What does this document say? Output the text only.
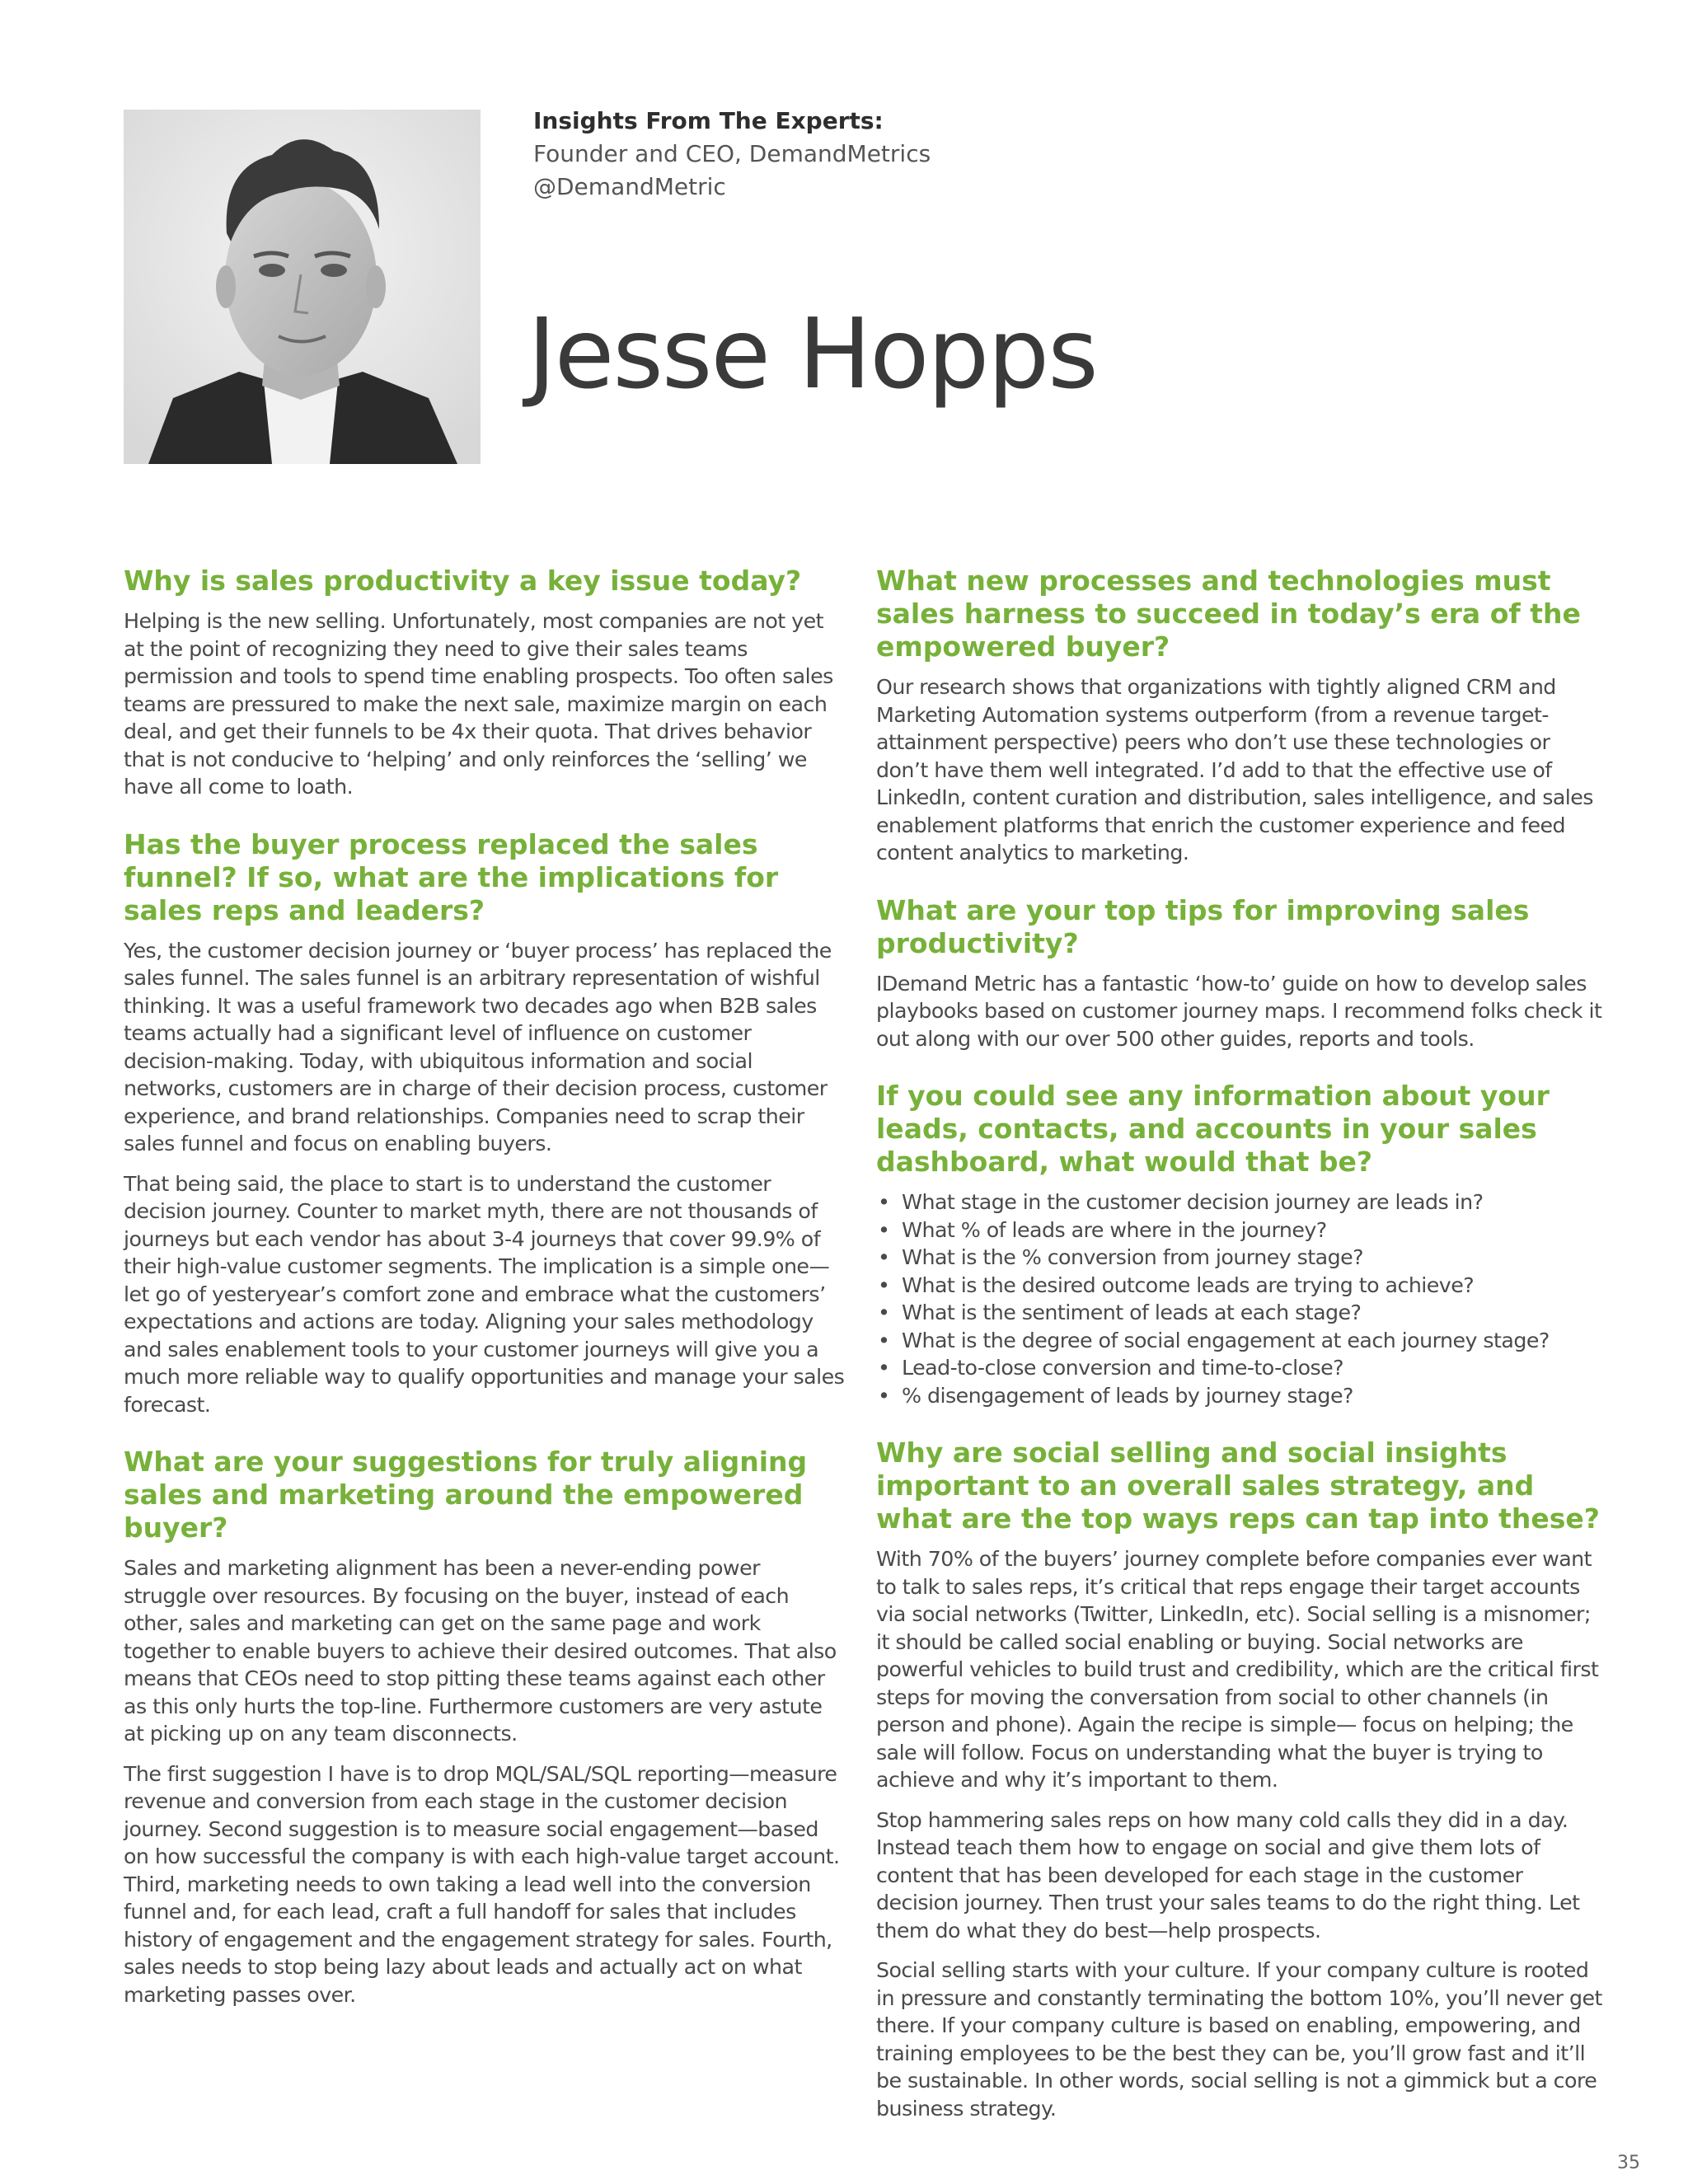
Insights From The Experts:
Founder and CEO, DemandMetrics
@DemandMetric
Jesse Hopps
Why is sales productivity a key issue today?

Helping is the new selling. Unfortunately, most companies are not yet at the point of recognizing they need to give their sales teams permission and tools to spend time enabling prospects. Too often sales teams are pressured to make the next sale, maximize margin on each deal, and get their funnels to be 4x their quota. That drives behavior that is not conducive to ‘helping’ and only reinforces the ‘selling’ we have all come to loath.

Has the buyer process replaced the sales funnel? If so, what are the implications for sales reps and leaders?

Yes, the customer decision journey or ‘buyer process’ has replaced the sales funnel. The sales funnel is an arbitrary representation of wishful thinking. It was a useful framework two decades ago when B2B sales teams actually had a significant level of influence on customer decision-making. Today, with ubiquitous information and social networks, customers are in charge of their decision process, customer experience, and brand relationships. Companies need to scrap their sales funnel and focus on enabling buyers.

That being said, the place to start is to understand the customer decision journey. Counter to market myth, there are not thousands of journeys but each vendor has about 3-4 journeys that cover 99.9% of their high-value customer segments. The implication is a simple one—let go of yesteryear’s comfort zone and embrace what the customers’ expectations and actions are today. Aligning your sales methodology and sales enablement tools to your customer journeys will give you a much more reliable way to qualify opportunities and manage your sales forecast.

What are your suggestions for truly aligning sales and marketing around the empowered buyer?

Sales and marketing alignment has been a never-ending power struggle over resources. By focusing on the buyer, instead of each other, sales and marketing can get on the same page and work together to enable buyers to achieve their desired outcomes. That also means that CEOs need to stop pitting these teams against each other as this only hurts the top-line. Furthermore customers are very astute at picking up on any team disconnects.

The first suggestion I have is to drop MQL/SAL/SQL reporting—measure revenue and conversion from each stage in the customer decision journey. Second suggestion is to measure social engagement—based on how successful the company is with each high-value target account. Third, marketing needs to own taking a lead well into the conversion funnel and, for each lead, craft a full handoff for sales that includes history of engagement and the engagement strategy for sales. Fourth, sales needs to stop being lazy about leads and actually act on what marketing passes over.

What new processes and technologies must sales harness to succeed in today’s era of the empowered buyer?

Our research shows that organizations with tightly aligned CRM and Marketing Automation systems outperform (from a revenue target-attainment perspective) peers who don’t use these technologies or don’t have them well integrated. I’d add to that the effective use of LinkedIn, content curation and distribution, sales intelligence, and sales enablement platforms that enrich the customer experience and feed content analytics to marketing.

What are your top tips for improving sales productivity?

IDemand Metric has a fantastic ‘how-to’ guide on how to develop sales playbooks based on customer journey maps. I recommend folks check it out along with our over 500 other guides, reports and tools.

If you could see any information about your leads, contacts, and accounts in your sales dashboard, what would that be?
• What stage in the customer decision journey are leads in?
• What % of leads are where in the journey?
• What is the % conversion from journey stage?
• What is the desired outcome leads are trying to achieve?
• What is the sentiment of leads at each stage?
• What is the degree of social engagement at each journey stage?
• Lead-to-close conversion and time-to-close?
• % disengagement of leads by journey stage?
Why are social selling and social insights important to an overall sales strategy, and what are the top ways reps can tap into these?

With 70% of the buyers’ journey complete before companies ever want to talk to sales reps, it’s critical that reps engage their target accounts via social networks (Twitter, LinkedIn, etc). Social selling is a misnomer; it should be called social enabling or buying. Social networks are powerful vehicles to build trust and credibility, which are the critical first steps for moving the conversation from social to other channels (in person and phone). Again the recipe is simple— focus on helping; the sale will follow. Focus on understanding what the buyer is trying to achieve and why it’s important to them.

Stop hammering sales reps on how many cold calls they did in a day. Instead teach them how to engage on social and give them lots of content that has been developed for each stage in the customer decision journey. Then trust your sales teams to do the right thing. Let them do what they do best—help prospects.

Social selling starts with your culture. If your company culture is rooted in pressure and constantly terminating the bottom 10%, you’ll never get there. If your company culture is based on enabling, empowering, and training employees to be the best they can be, you’ll grow fast and it’ll be sustainable. In other words, social selling is not a gimmick but a core business strategy.

35
